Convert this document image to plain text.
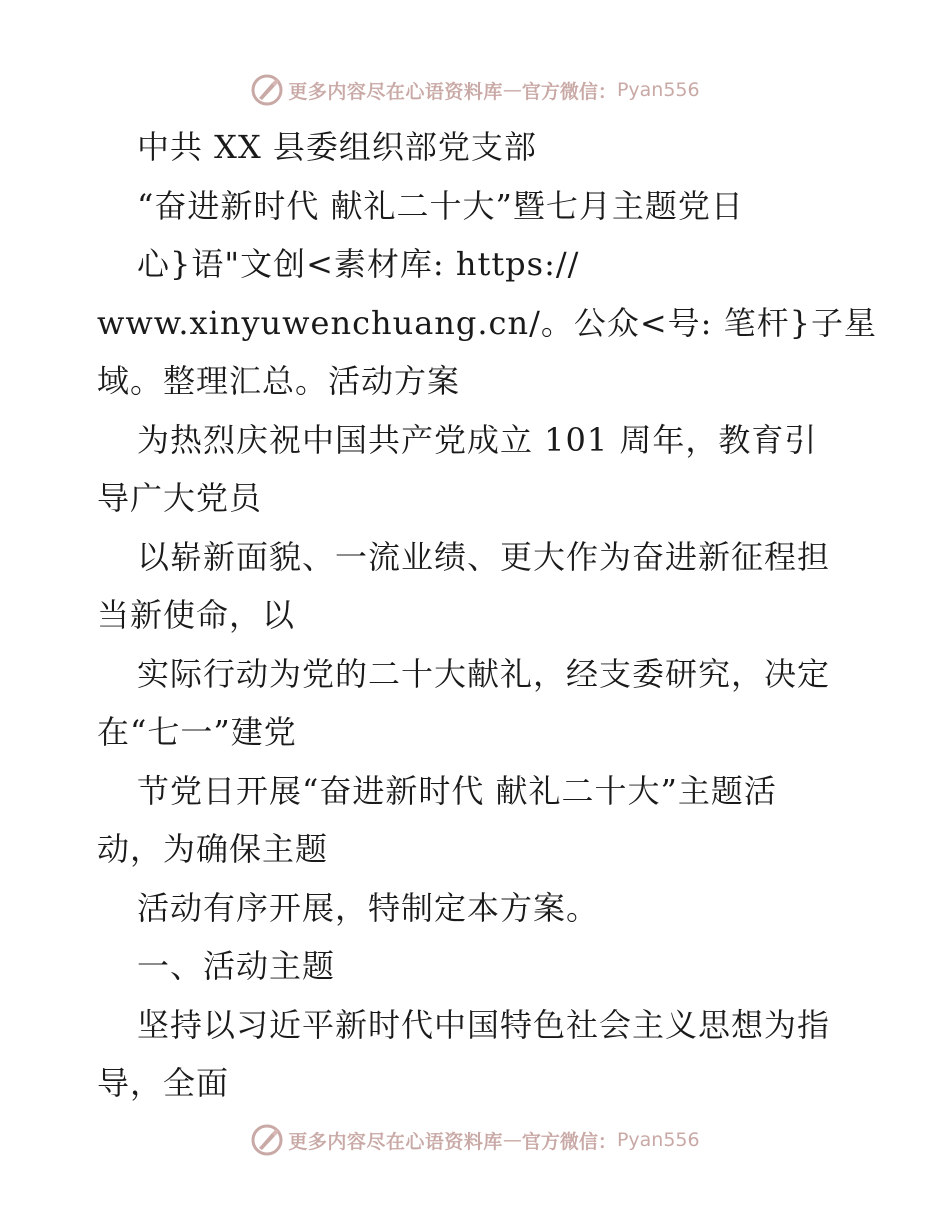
更多内容尽在心语资料库 — 官方微信： Pyan556
中共 XX 县委组织部党支部
“奋进新时代 献礼二十大”暨七月主题党日
心}语"文创<素材库: https://
www.xinyuwenchuang.cn/。公众<号: 笔杆}子星
域。整理汇总。活动方案
为热烈庆祝中国共产党成立 101 周年，教育引
导广大党员
以崭新面貌、一流业绩、更大作为奋进新征程担
当新使命，以
实际行动为党的二十大献礼，经支委研究，决定
在“七一”建党
节党日开展“奋进新时代 献礼二十大”主题活
动，为确保主题
活动有序开展，特制定本方案。
一、活动主题
坚持以习近平新时代中国特色社会主义思想为指
导，全面
更多内容尽在心语资料库 — 官方微信： Pyan556
